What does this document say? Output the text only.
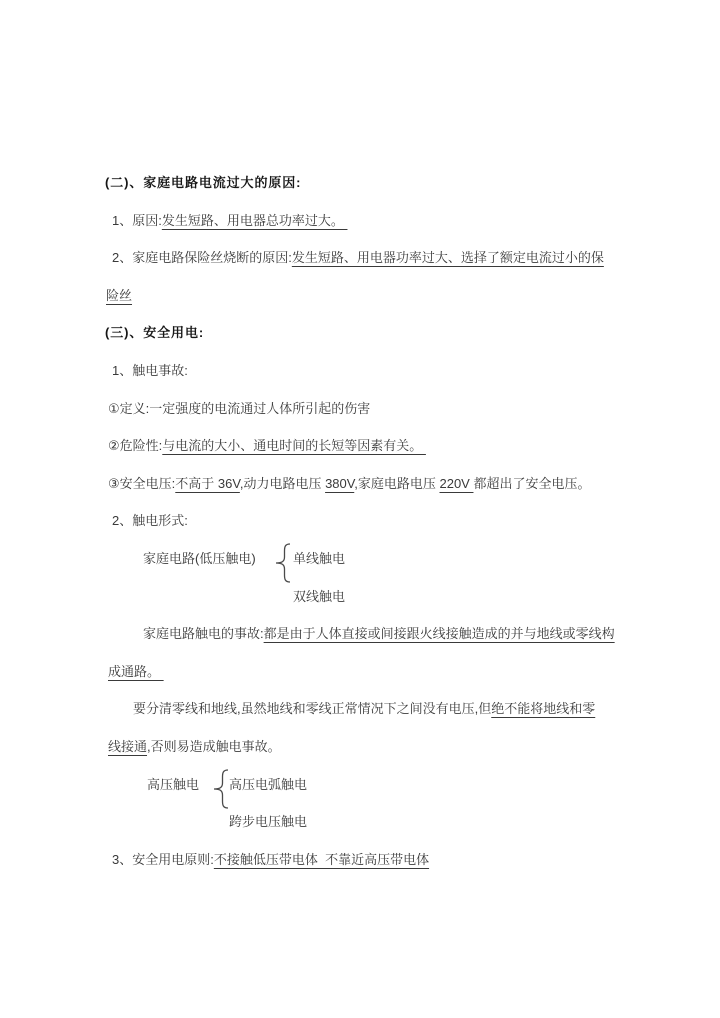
(二)、家庭电路电流过大的原因:
1、原因:发生短路、用电器总功率过大。
2、家庭电路保险丝烧断的原因:发生短路、用电器功率过大、选择了额定电流过小的保
险丝
(三)、安全用电:
1、触电事故:
①定义:一定强度的电流通过人体所引起的伤害
②危险性:与电流的大小、通电时间的长短等因素有关。
③安全电压:不高于 36V,动力电路电压 380V,家庭电路电压 220V 都超出了安全电压。
2、触电形式:
家庭电路(低压触电)	单线触电
双线触电
家庭电路触电的事故:都是由于人体直接或间接跟火线接触造成的并与地线或零线构
成通路。
要分清零线和地线,虽然地线和零线正常情况下之间没有电压,但绝不能将地线和零
线接通,否则易造成触电事故。
高压触电 高压电弧触电
跨步电压触电
3、安全用电原则:不接触低压带电体  不靠近高压带电体
